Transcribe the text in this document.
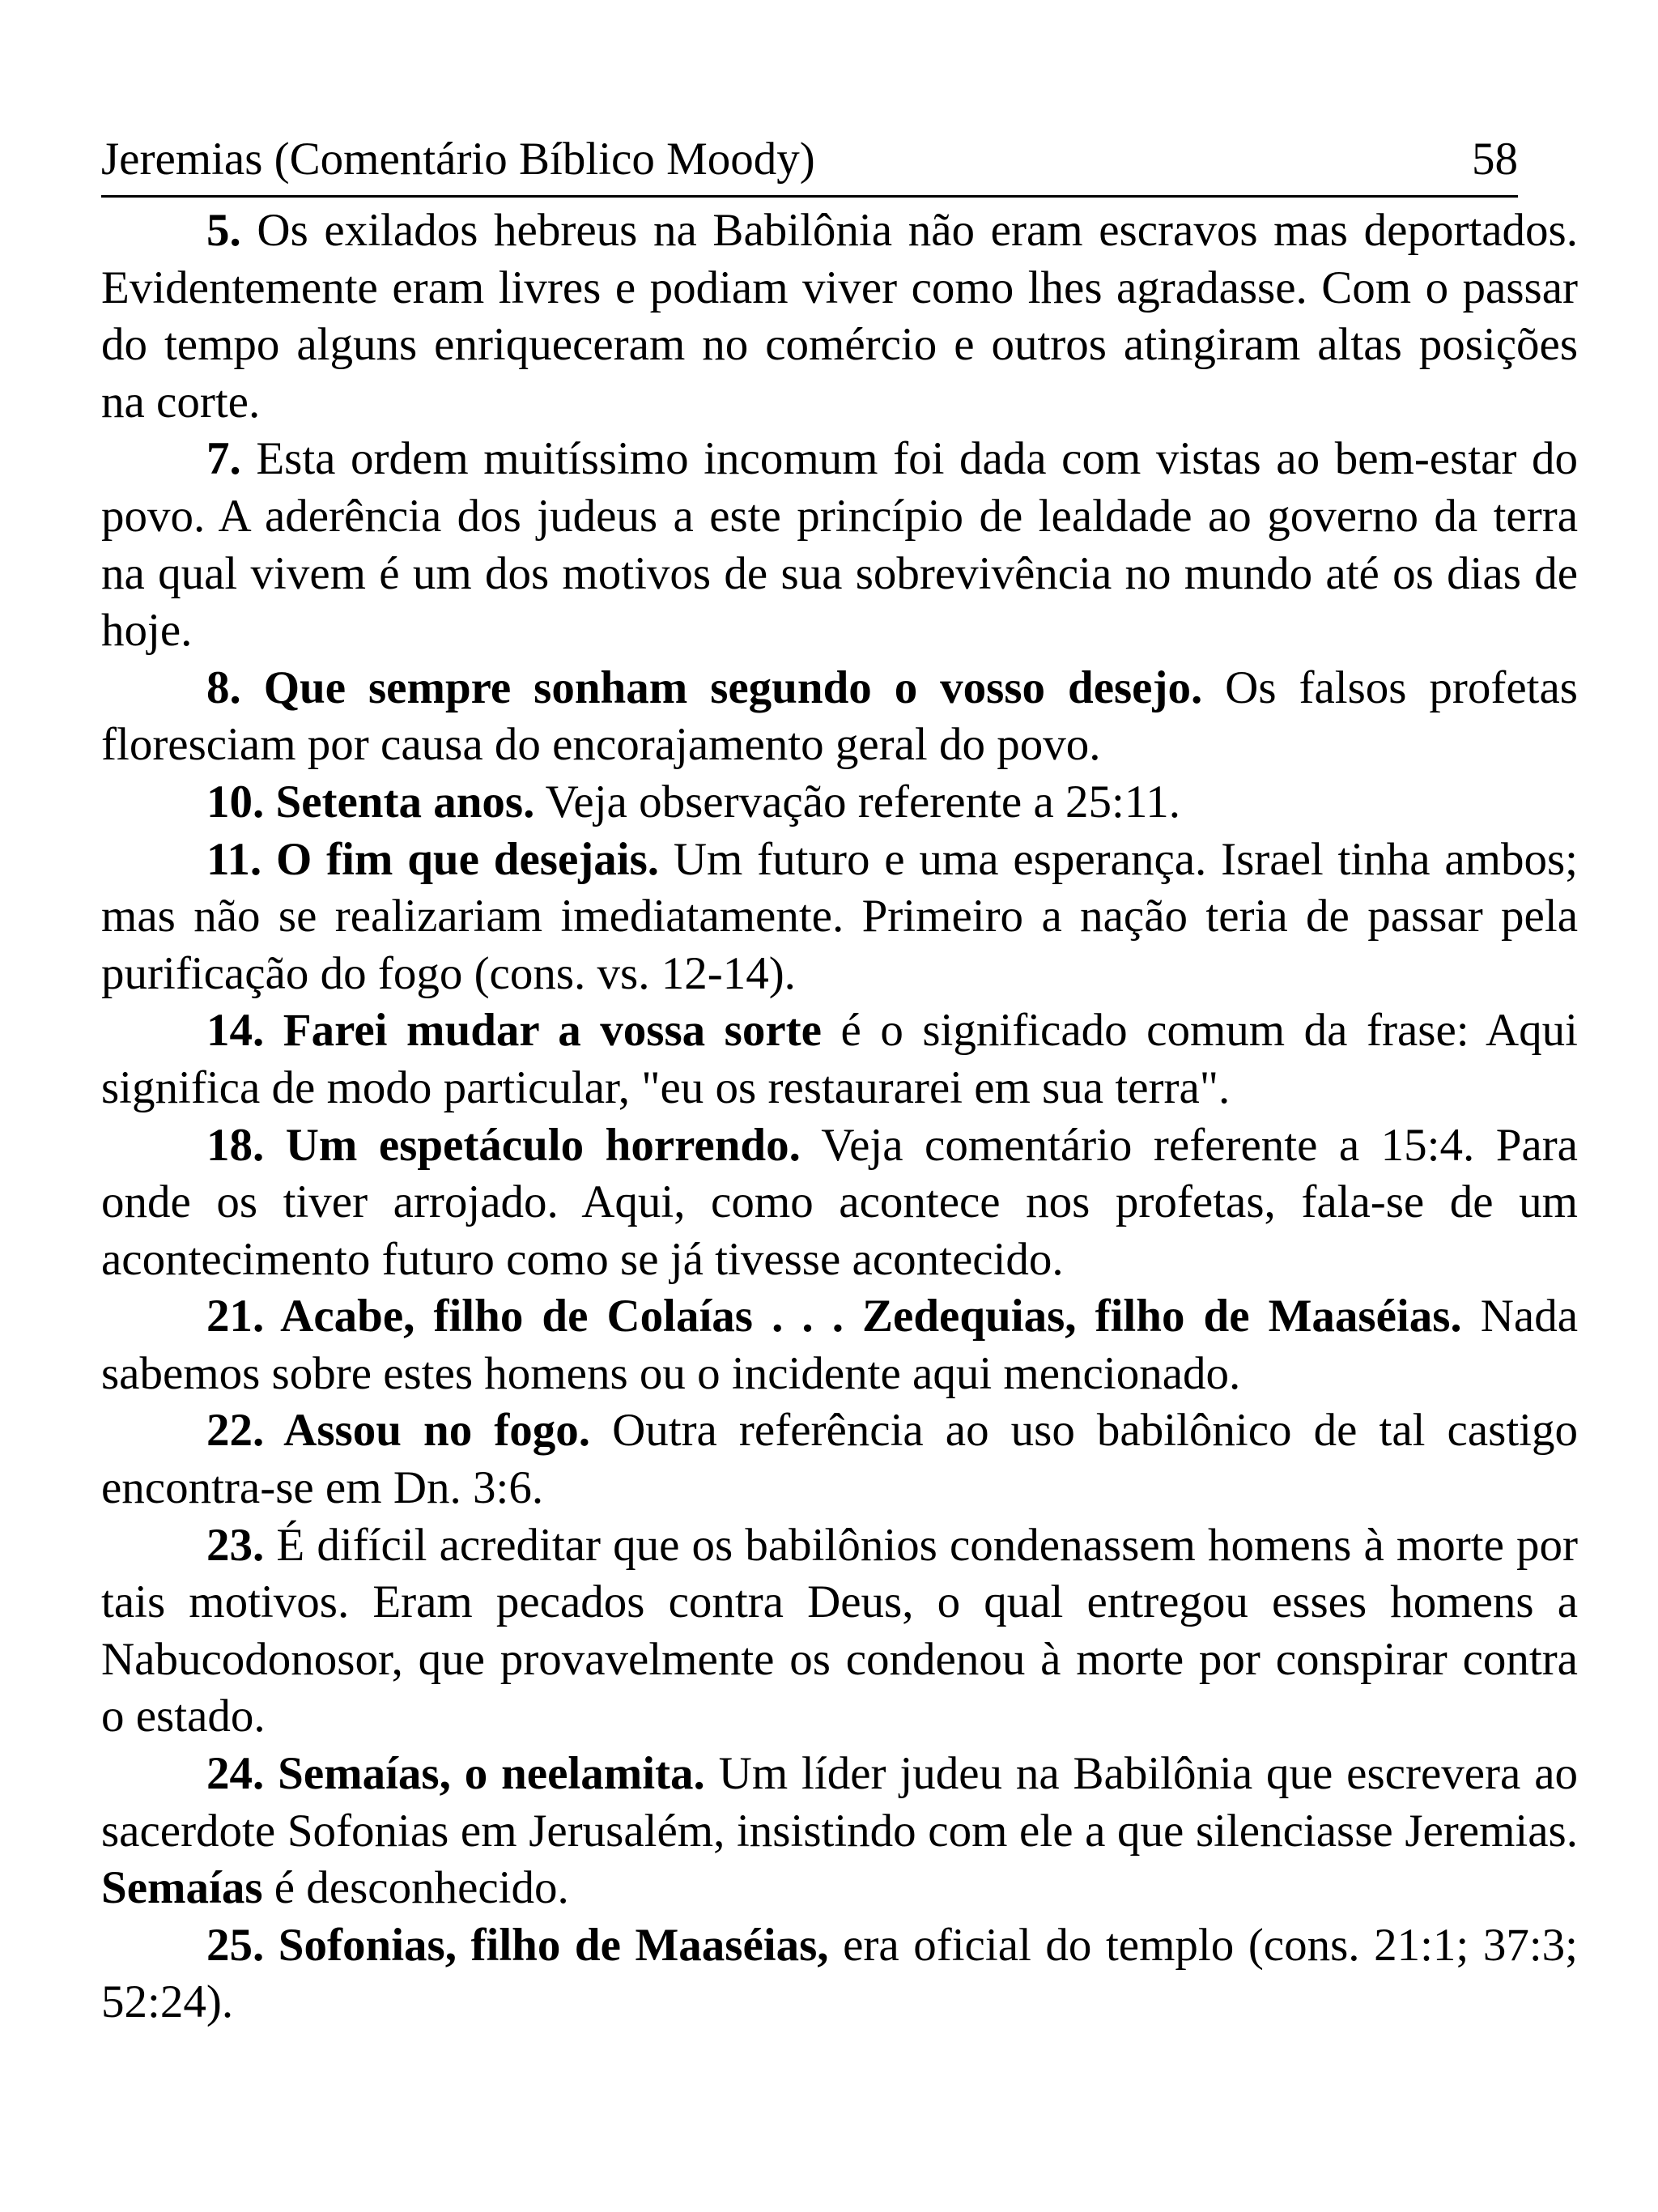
Jeremias (Comentário Bíblico Moody)	58

5. Os exilados hebreus na Babilônia não eram escravos mas deportados. Evidentemente eram livres e podiam viver como lhes agradasse. Com o passar do tempo alguns enriqueceram no comércio e outros atingiram altas posições na corte.

7. Esta ordem muitíssimo incomum foi dada com vistas ao bem-estar do povo. A aderência dos judeus a este princípio de lealdade ao governo da terra na qual vivem é um dos motivos de sua sobrevivência no mundo até os dias de hoje.

8. Que sempre sonham segundo o vosso desejo. Os falsos profetas floresciam por causa do encorajamento geral do povo.

10. Setenta anos. Veja observação referente a 25:11.

11. O fim que desejais. Um futuro e uma esperança. Israel tinha ambos; mas não se realizariam imediatamente. Primeiro a nação teria de passar pela purificação do fogo (cons. vs. 12-14).

14. Farei mudar a vossa sorte é o significado comum da frase: Aqui significa de modo particular, "eu os restaurarei em sua terra".

18. Um espetáculo horrendo. Veja comentário referente a 15:4. Para onde os tiver arrojado. Aqui, como acontece nos profetas, fala-se de um acontecimento futuro como se já tivesse acontecido.

21. Acabe, filho de Colaías . . . Zedequias, filho de Maaséias. Nada sabemos sobre estes homens ou o incidente aqui mencionado.

22. Assou no fogo. Outra referência ao uso babilônico de tal castigo encontra-se em Dn. 3:6.

23. É difícil acreditar que os babilônios condenassem homens à morte por tais motivos. Eram pecados contra Deus, o qual entregou esses homens a Nabucodonosor, que provavelmente os condenou à morte por conspirar contra o estado.

24. Semaías, o neelamita. Um líder judeu na Babilônia que escrevera ao sacerdote Sofonias em Jerusalém, insistindo com ele a que silenciasse Jeremias. Semaías é desconhecido.

25. Sofonias, filho de Maaséias, era oficial do templo (cons. 21:1; 37:3; 52:24).
